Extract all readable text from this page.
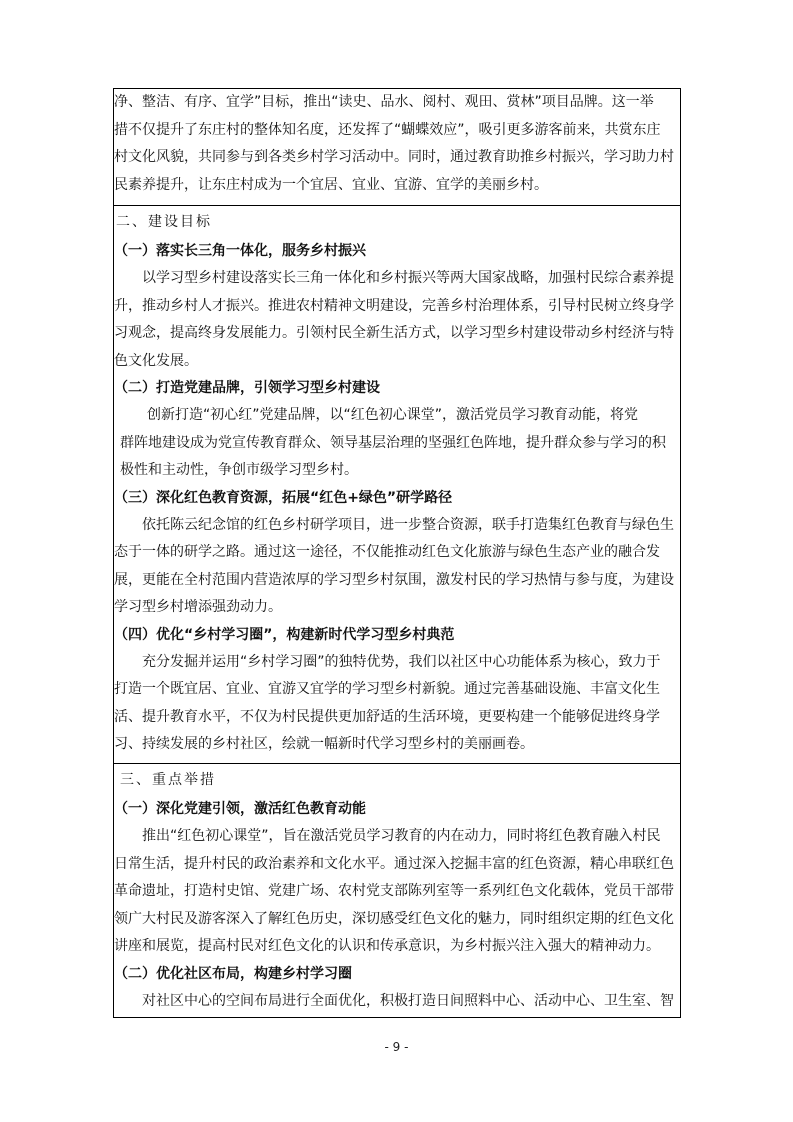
净、整洁、有序、宜学”目标，推出“读史、品水、阅村、观田、赏林”项目品牌。这一举

措不仅提升了东庄村的整体知名度，还发挥了“蝴蝶效应”，吸引更多游客前来，共赏东庄

村文化风貌，共同参与到各类乡村学习活动中。同时，通过教育助推乡村振兴，学习助力村

民素养提升，让东庄村成为一个宜居、宜业、宜游、宜学的美丽乡村。

二、建设目标
（一）落实长三角一体化，服务乡村振兴

以学习型乡村建设落实长三角一体化和乡村振兴等两大国家战略，加强村民综合素养提

升，推动乡村人才振兴。推进农村精神文明建设，完善乡村治理体系，引导村民树立终身学

习观念，提高终身发展能力。引领村民全新生活方式，以学习型乡村建设带动乡村经济与特

色文化发展。

（二）打造党建品牌，引领学习型乡村建设

创新打造“初心红”党建品牌，以“红色初心课堂”，激活党员学习教育动能，将党

群阵地建设成为党宣传教育群众、领导基层治理的坚强红色阵地，提升群众参与学习的积

极性和主动性，争创市级学习型乡村。

（三）深化红色教育资源，拓展“红色+绿色”研学路径

依托陈云纪念馆的红色乡村研学项目，进一步整合资源，联手打造集红色教育与绿色生

态于一体的研学之路。通过这一途径，不仅能推动红色文化旅游与绿色生态产业的融合发

展，更能在全村范围内营造浓厚的学习型乡村氛围，激发村民的学习热情与参与度，为建设

学习型乡村增添强劲动力。

（四）优化“乡村学习圈”，构建新时代学习型乡村典范

充分发掘并运用“乡村学习圈”的独特优势，我们以社区中心功能体系为核心，致力于

打造一个既宜居、宜业、宜游又宜学的学习型乡村新貌。通过完善基础设施、丰富文化生

活、提升教育水平，不仅为村民提供更加舒适的生活环境，更要构建一个能够促进终身学

习、持续发展的乡村社区，绘就一幅新时代学习型乡村的美丽画卷。

三、重点举措
（一）深化党建引领，激活红色教育动能

推出“红色初心课堂”，旨在激活党员学习教育的内在动力，同时将红色教育融入村民

日常生活，提升村民的政治素养和文化水平。通过深入挖掘丰富的红色资源，精心串联红色

革命遗址，打造村史馆、党建广场、农村党支部陈列室等一系列红色文化载体，党员干部带

领广大村民及游客深入了解红色历史，深切感受红色文化的魅力，同时组织定期的红色文化

讲座和展览，提高村民对红色文化的认识和传承意识，为乡村振兴注入强大的精神动力。

（二）优化社区布局，构建乡村学习圈

对社区中心的空间布局进行全面优化，积极打造日间照料中心、活动中心、卫生室、智

- 9 -
